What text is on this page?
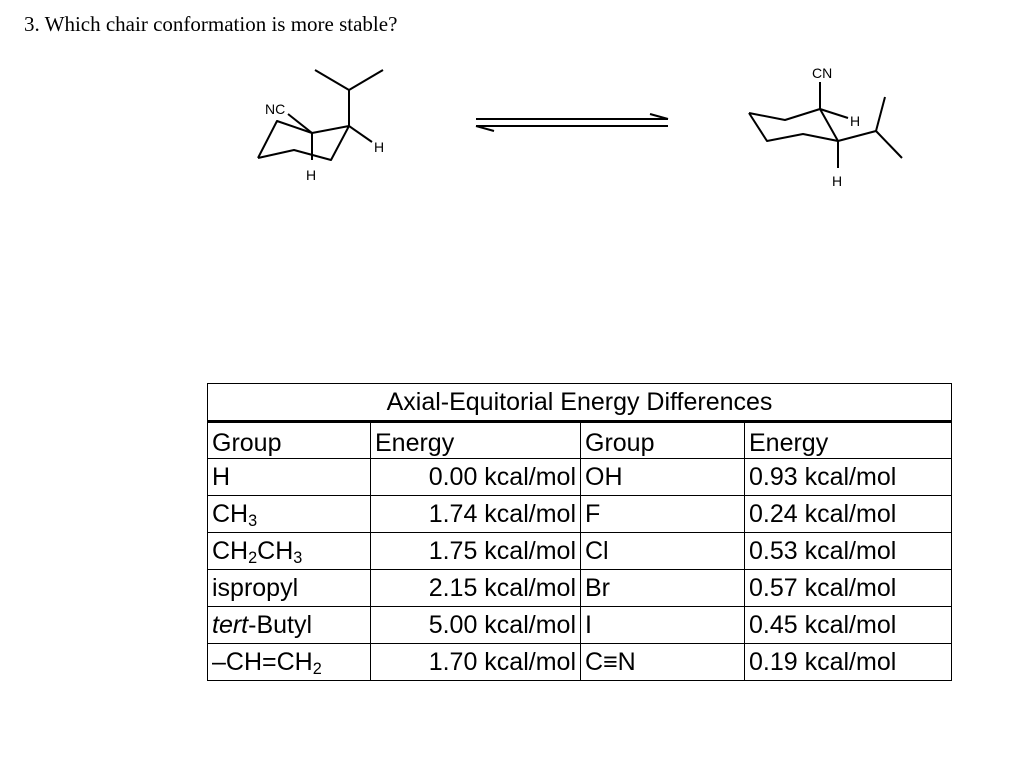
3. Which chair conformation is more stable?
NC
H
H
CN
H
H
Axial-Equitorial Energy Differences			
Group	Energy	Group	Energy
H	0.00 kcal/mol	OH	0.93 kcal/mol
$CH_3$	1.74 kcal/mol	F	0.24 kcal/mol
$CH_2CH_3$	1.75 kcal/mol	Cl	0.53 kcal/mol
ispropyl	2.15 kcal/mol	Br	0.57 kcal/mol
tert-Butyl	5.00 kcal/mol	I	0.45 kcal/mol
$-CH=CH_2$	1.70 kcal/mol	C≡N	0.19 kcal/mol
